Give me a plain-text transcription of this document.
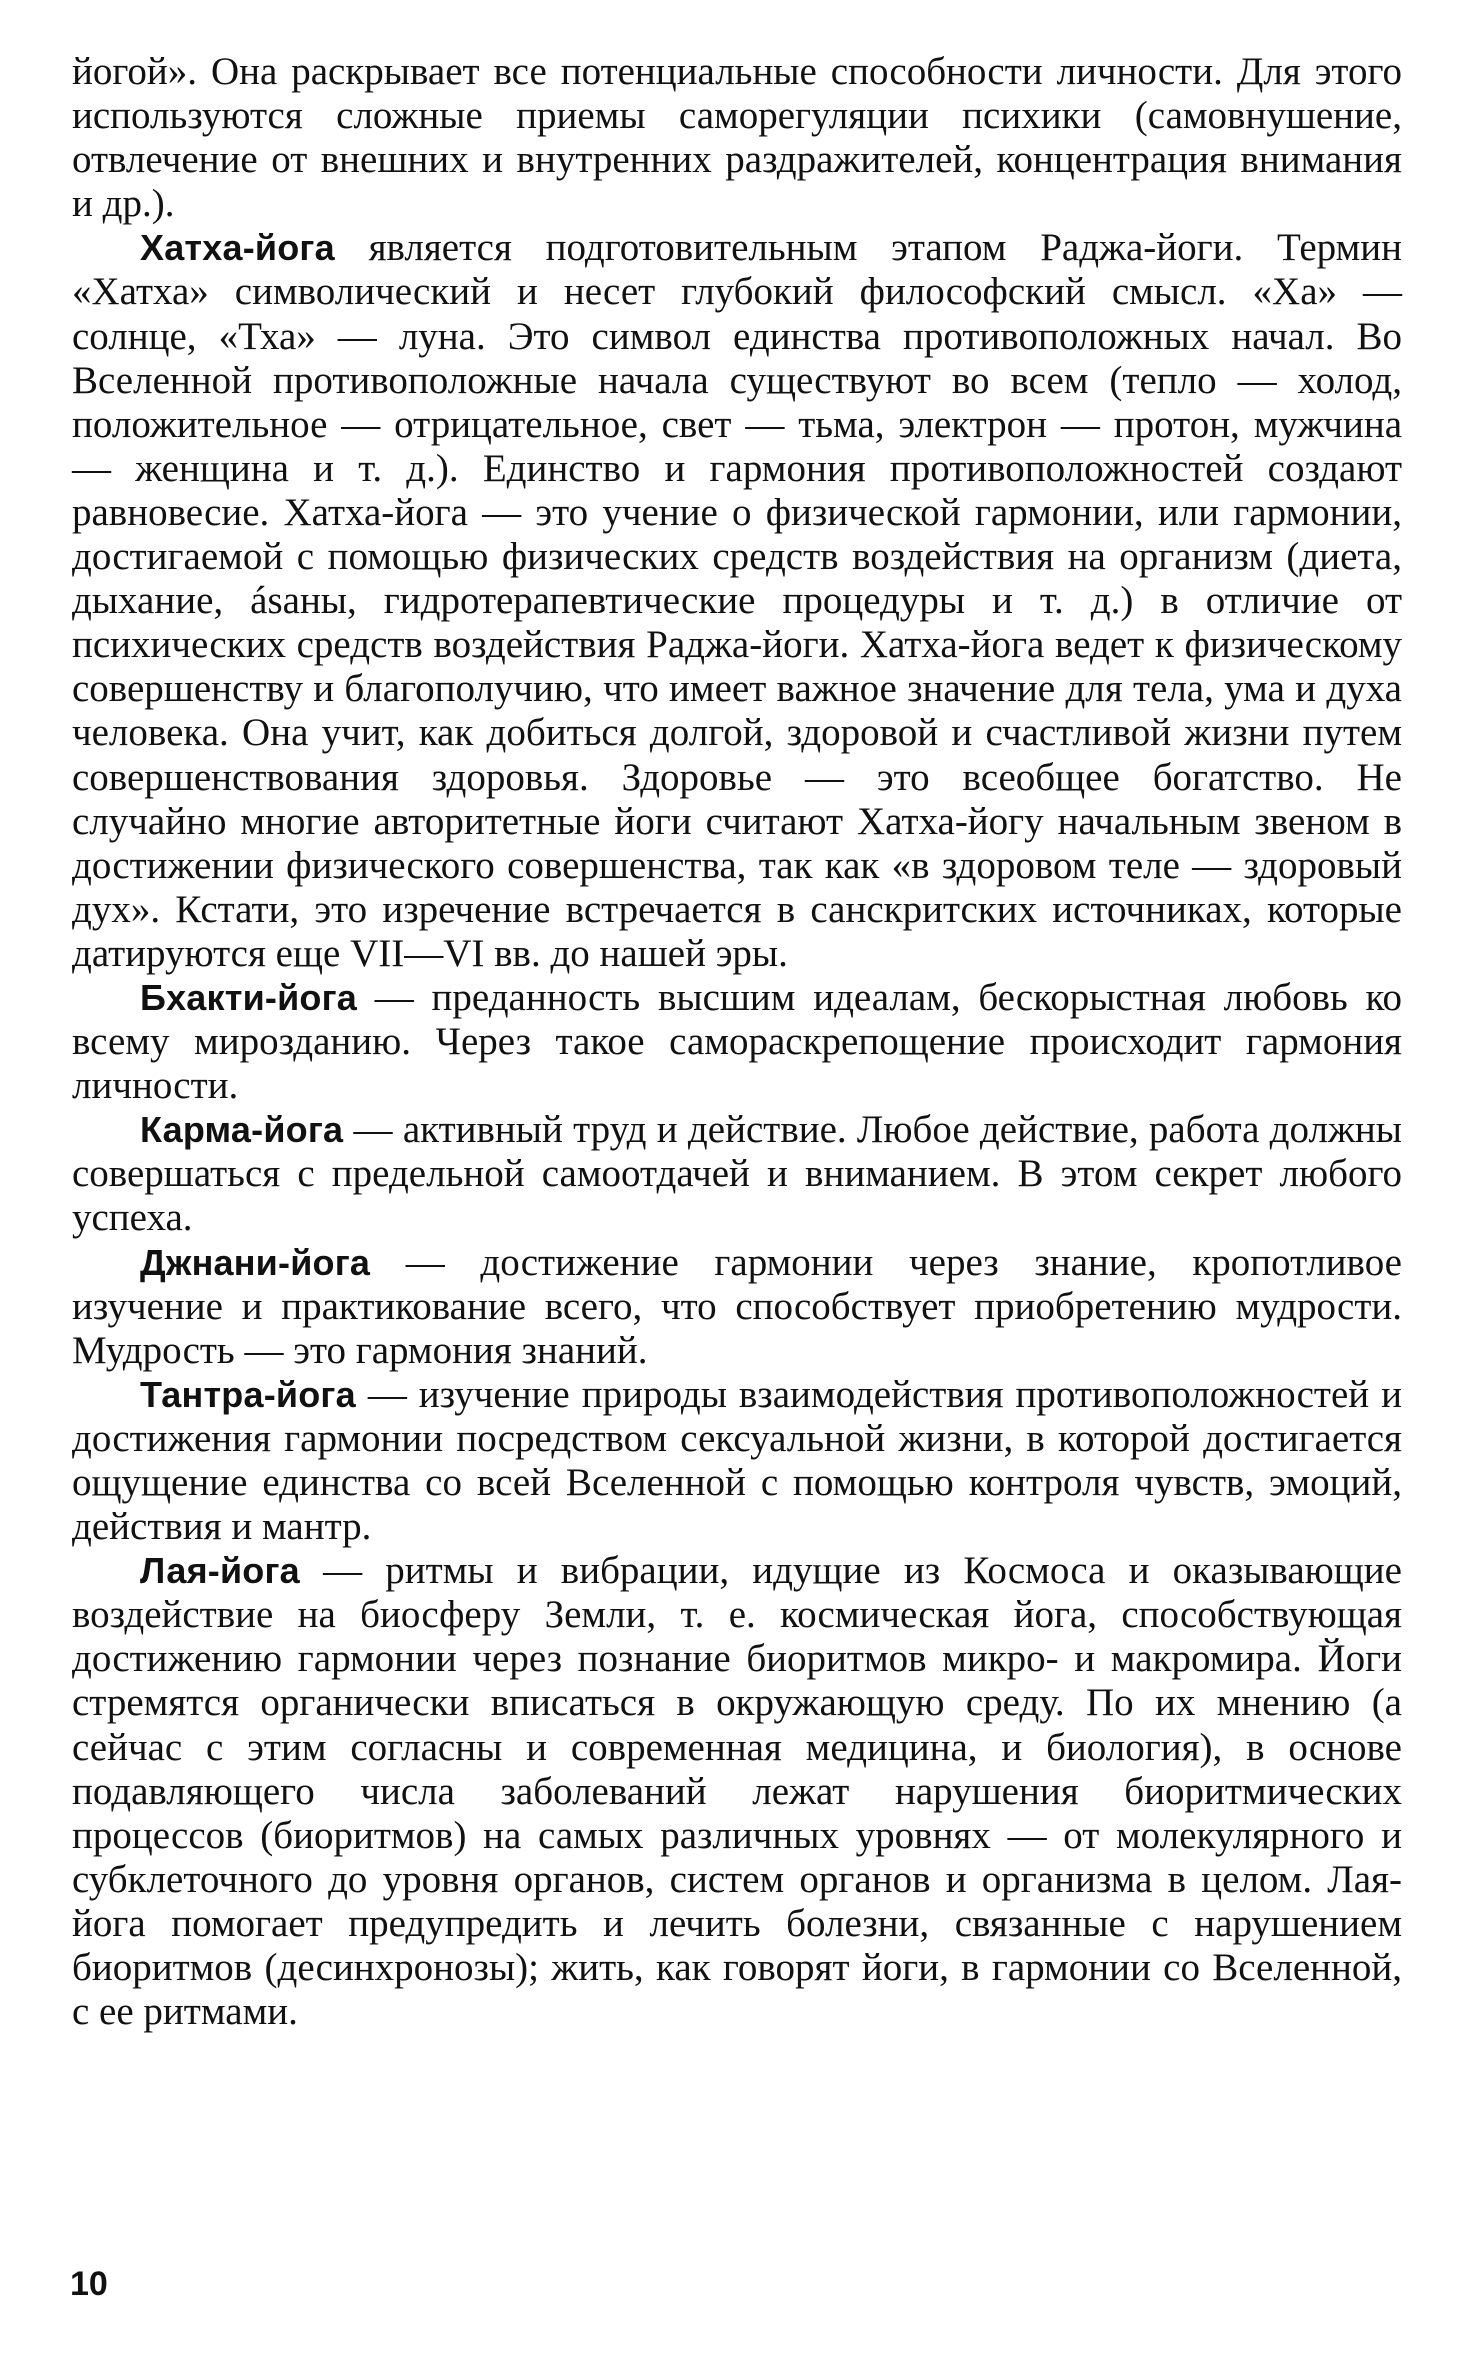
йогой». Она раскрывает все потенциальные способности личности. Для этого используются сложные приемы саморегуляции психики (самовнушение, отвлечение от внешних и внутренних раздражителей, концентрация внимания и др.).

Хатха-йога является подготовительным этапом Раджа-йоги. Термин «Хатха» символический и несет глубокий философский смысл. «Ха» — солнце, «Тха» — луна. Это символ единства противоположных начал. Во Вселенной противоположные начала существуют во всем (тепло — холод, положительное — отрицательное, свет — тьма, электрон — протон, мужчина — женщина и т. д.). Единство и гармония противоположностей создают равновесие. Хатха-йога — это учение о физической гармонии, или гармонии, достигаемой с помощью физических средств воздействия на организм (диета, дыхание, ásаны, гидротерапевтические процедуры и т. д.) в отличие от психических средств воздействия Раджа-йоги. Хатха-йога ведет к физическому совершенству и благополучию, что имеет важное значение для тела, ума и духа человека. Она учит, как добиться долгой, здоровой и счастливой жизни путем совершенствования здоровья. Здоровье — это всеобщее богатство. Не случайно многие авторитетные йоги считают Хатха-йогу начальным звеном в достижении физического совершенства, так как «в здоровом теле — здоровый дух». Кстати, это изречение встречается в санскритских источниках, которые датируются еще VII—VI вв. до нашей эры.

Бхакти-йога — преданность высшим идеалам, бескорыстная любовь ко всему мирозданию. Через такое самораскрепощение происходит гармония личности.

Карма-йога — активный труд и действие. Любое действие, работа должны совершаться с предельной самоотдачей и вниманием. В этом секрет любого успеха.

Джнани-йога — достижение гармонии через знание, кропотливое изучение и практикование всего, что способствует приобретению мудрости. Мудрость — это гармония знаний.

Тантра-йога — изучение природы взаимодействия противоположностей и достижения гармонии посредством сексуальной жизни, в которой достигается ощущение единства со всей Вселенной с помощью контроля чувств, эмоций, действия и мантр.

Лая-йога — ритмы и вибрации, идущие из Космоса и оказывающие воздействие на биосферу Земли, т. е. космическая йога, способствующая достижению гармонии через познание биоритмов микро- и макромира. Йоги стремятся органически вписаться в окружающую среду. По их мнению (а сейчас с этим согласны и современная медицина, и биология), в основе подавляющего числа заболеваний лежат нарушения биоритмических процессов (биоритмов) на самых различных уровнях — от молекулярного и субклеточного до уровня органов, систем органов и организма в целом. Лая-йога помогает предупредить и лечить болезни, связанные с нарушением биоритмов (десинхронозы); жить, как говорят йоги, в гармонии со Вселенной, с ее ритмами.

10
